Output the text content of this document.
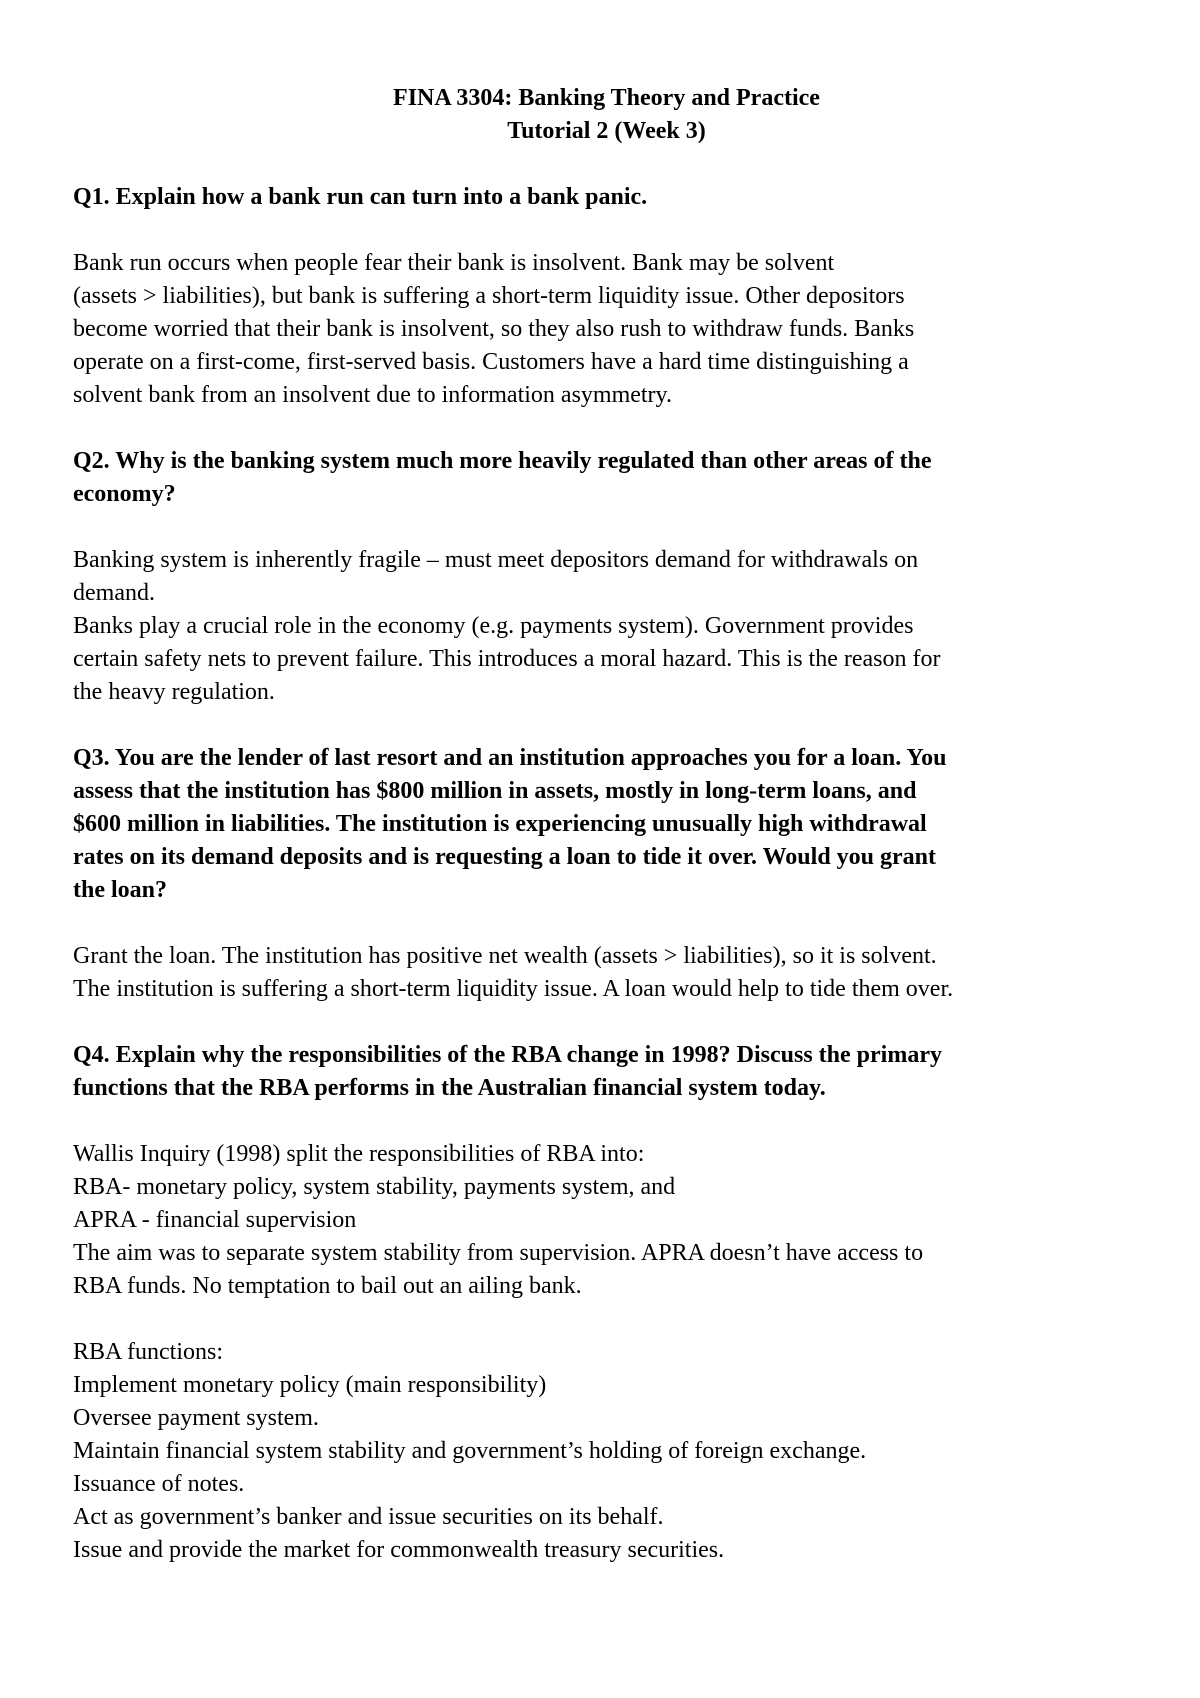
FINA 3304: Banking Theory and Practice
Tutorial 2 (Week 3)
Q1. Explain how a bank run can turn into a bank panic.
Bank run occurs when people fear their bank is insolvent. Bank may be solvent
(assets > liabilities), but bank is suffering a short-term liquidity issue. Other depositors
become worried that their bank is insolvent, so they also rush to withdraw funds. Banks
operate on a first-come, first-served basis. Customers have a hard time distinguishing a
solvent bank from an insolvent due to information asymmetry.
Q2. Why is the banking system much more heavily regulated than other areas of the
economy?
Banking system is inherently fragile – must meet depositors demand for withdrawals on
demand.
Banks play a crucial role in the economy (e.g. payments system). Government provides
certain safety nets to prevent failure. This introduces a moral hazard. This is the reason for
the heavy regulation.
Q3. You are the lender of last resort and an institution approaches you for a loan. You
assess that the institution has $800 million in assets, mostly in long-term loans, and
$600 million in liabilities. The institution is experiencing unusually high withdrawal
rates on its demand deposits and is requesting a loan to tide it over. Would you grant
the loan?
Grant the loan. The institution has positive net wealth (assets > liabilities), so it is solvent.
The institution is suffering a short-term liquidity issue. A loan would help to tide them over.
Q4. Explain why the responsibilities of the RBA change in 1998? Discuss the primary
functions that the RBA performs in the Australian financial system today.
Wallis Inquiry (1998) split the responsibilities of RBA into:
RBA- monetary policy, system stability, payments system, and
APRA - financial supervision
The aim was to separate system stability from supervision. APRA doesn’t have access to
RBA funds. No temptation to bail out an ailing bank.
RBA functions:
Implement monetary policy (main responsibility)
Oversee payment system.
Maintain financial system stability and government’s holding of foreign exchange.
Issuance of notes.
Act as government’s banker and issue securities on its behalf.
Issue and provide the market for commonwealth treasury securities.
